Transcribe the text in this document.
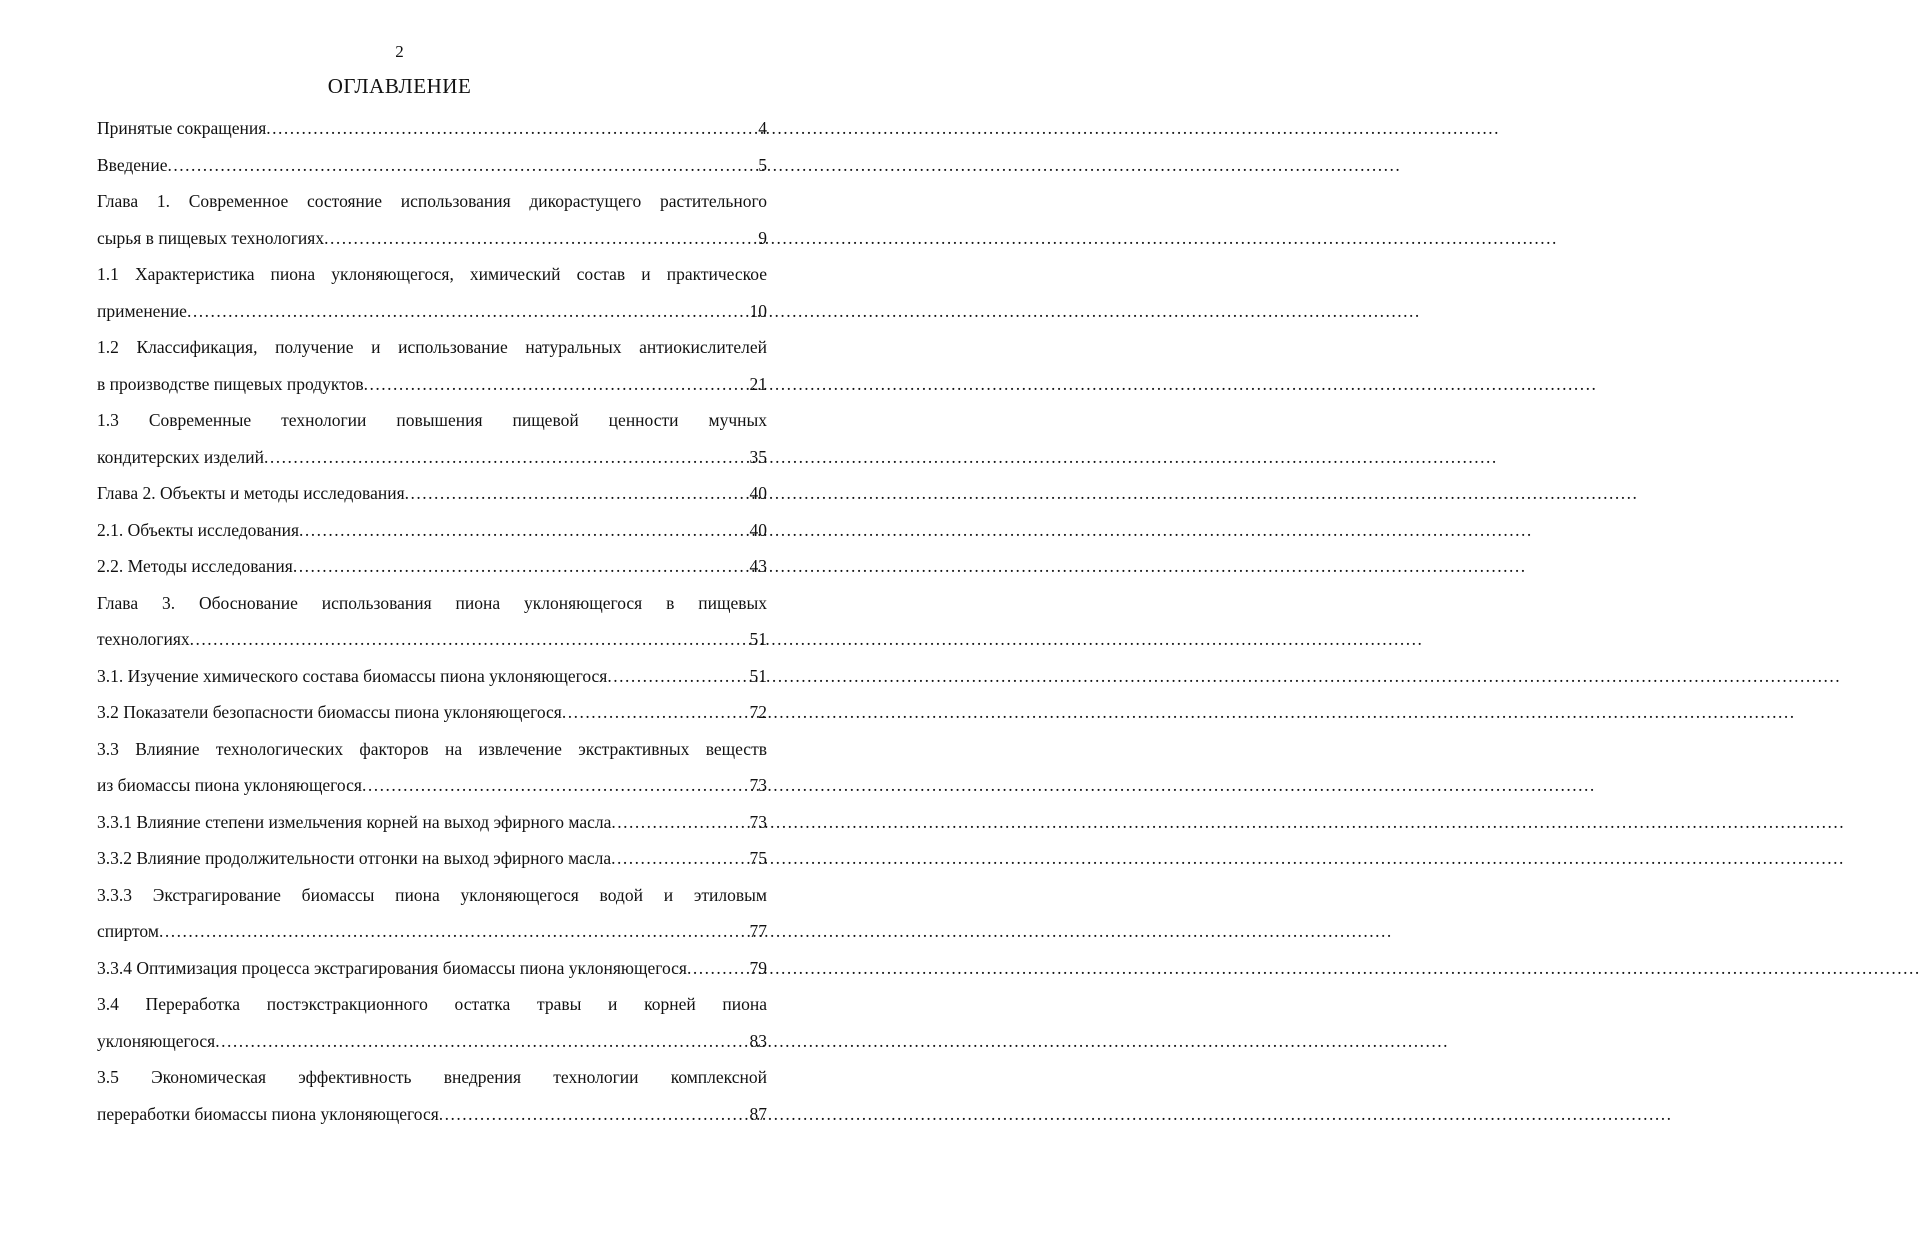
2
ОГЛАВЛЕНИЕ
Принятые сокращения .....	4
Введение .....	5
Глава 1. Современное состояние использования дикорастущего растительного
сырья в пищевых технологиях .....	9
1.1 Характеристика пиона уклоняющегося, химический состав и практическое
применение .....	10
1.2 Классификация, получение и использование натуральных антиокислителей
в производстве пищевых продуктов .....	21
1.3 Современные технологии повышения пищевой ценности мучных
кондитерских изделий .....	35
Глава 2. Объекты и методы исследования .....	40
2.1. Объекты исследования .....	40
2.2. Методы исследования .....	43
Глава 3. Обоснование использования пиона уклоняющегося в пищевых
технологиях .....	51
3.1. Изучение химического состава биомассы пиона уклоняющегося .....	51
3.2 Показатели безопасности биомассы пиона уклоняющегося .....	72
3.3 Влияние технологических факторов на извлечение экстрактивных веществ
из биомассы пиона уклоняющегося .....	73
3.3.1 Влияние степени измельчения корней на выход эфирного масла .....	73
3.3.2 Влияние продолжительности отгонки на выход эфирного масла .....	75
3.3.3 Экстрагирование биомассы пиона уклоняющегося водой и этиловым
спиртом .....	77
3.3.4 Оптимизация процесса экстрагирования биомассы пиона уклоняющегося .....	79
3.4 Переработка постэкстракционного остатка травы и корней пиона
уклоняющегося .....	83
3.5 Экономическая эффективность внедрения технологии комплексной
переработки биомассы пиона уклоняющегося .....	87
